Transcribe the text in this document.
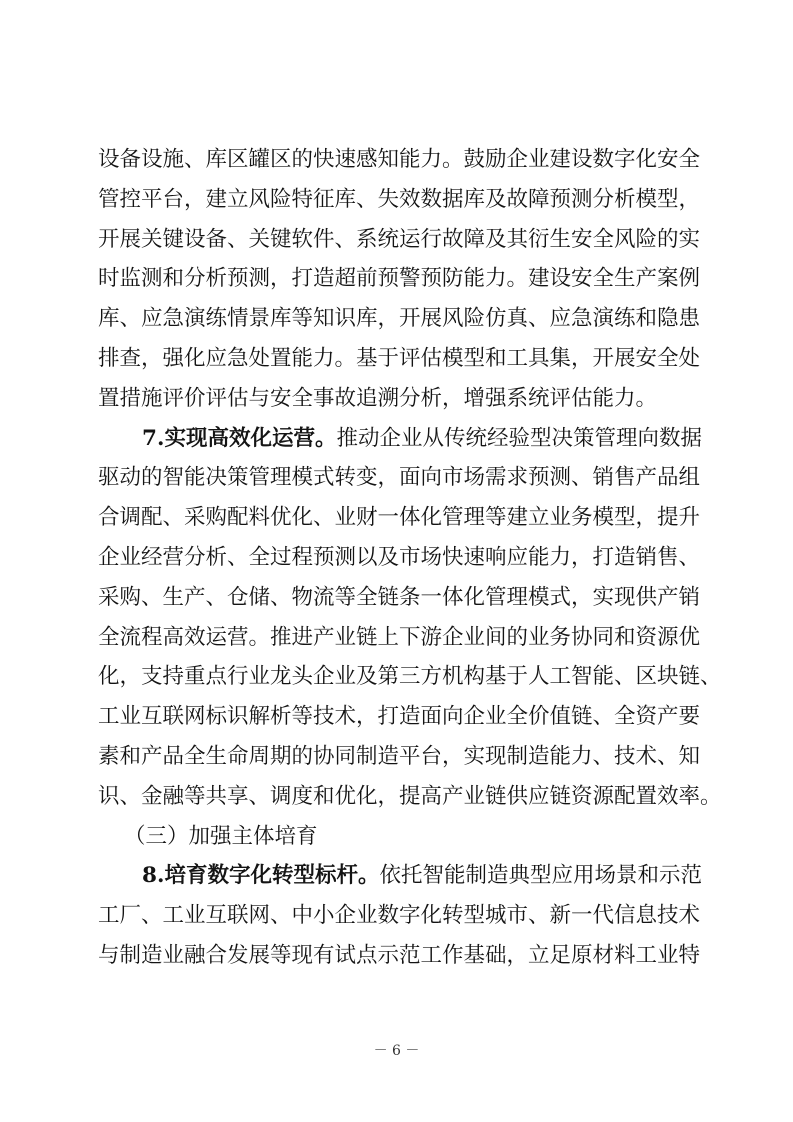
设备设施、库区罐区的快速感知能力。鼓励企业建设数字化安全
管控平台，建立风险特征库、失效数据库及故障预测分析模型，
开展关键设备、关键软件、系统运行故障及其衍生安全风险的实
时监测和分析预测，打造超前预警预防能力。建设安全生产案例
库、应急演练情景库等知识库，开展风险仿真、应急演练和隐患
排查，强化应急处置能力。基于评估模型和工具集，开展安全处
置措施评价评估与安全事故追溯分析，增强系统评估能力。
7.实现高效化运营。推动企业从传统经验型决策管理向数据
驱动的智能决策管理模式转变，面向市场需求预测、销售产品组
合调配、采购配料优化、业财一体化管理等建立业务模型，提升
企业经营分析、全过程预测以及市场快速响应能力，打造销售、
采购、生产、仓储、物流等全链条一体化管理模式，实现供产销
全流程高效运营。推进产业链上下游企业间的业务协同和资源优
化，支持重点行业龙头企业及第三方机构基于人工智能、区块链、
工业互联网标识解析等技术，打造面向企业全价值链、全资产要
素和产品全生命周期的协同制造平台，实现制造能力、技术、知
识、金融等共享、调度和优化，提高产业链供应链资源配置效率。
（三）加强主体培育
8.培育数字化转型标杆。依托智能制造典型应用场景和示范
工厂、工业互联网、中小企业数字化转型城市、新一代信息技术
与制造业融合发展等现有试点示范工作基础，立足原材料工业特
－ 6 －
